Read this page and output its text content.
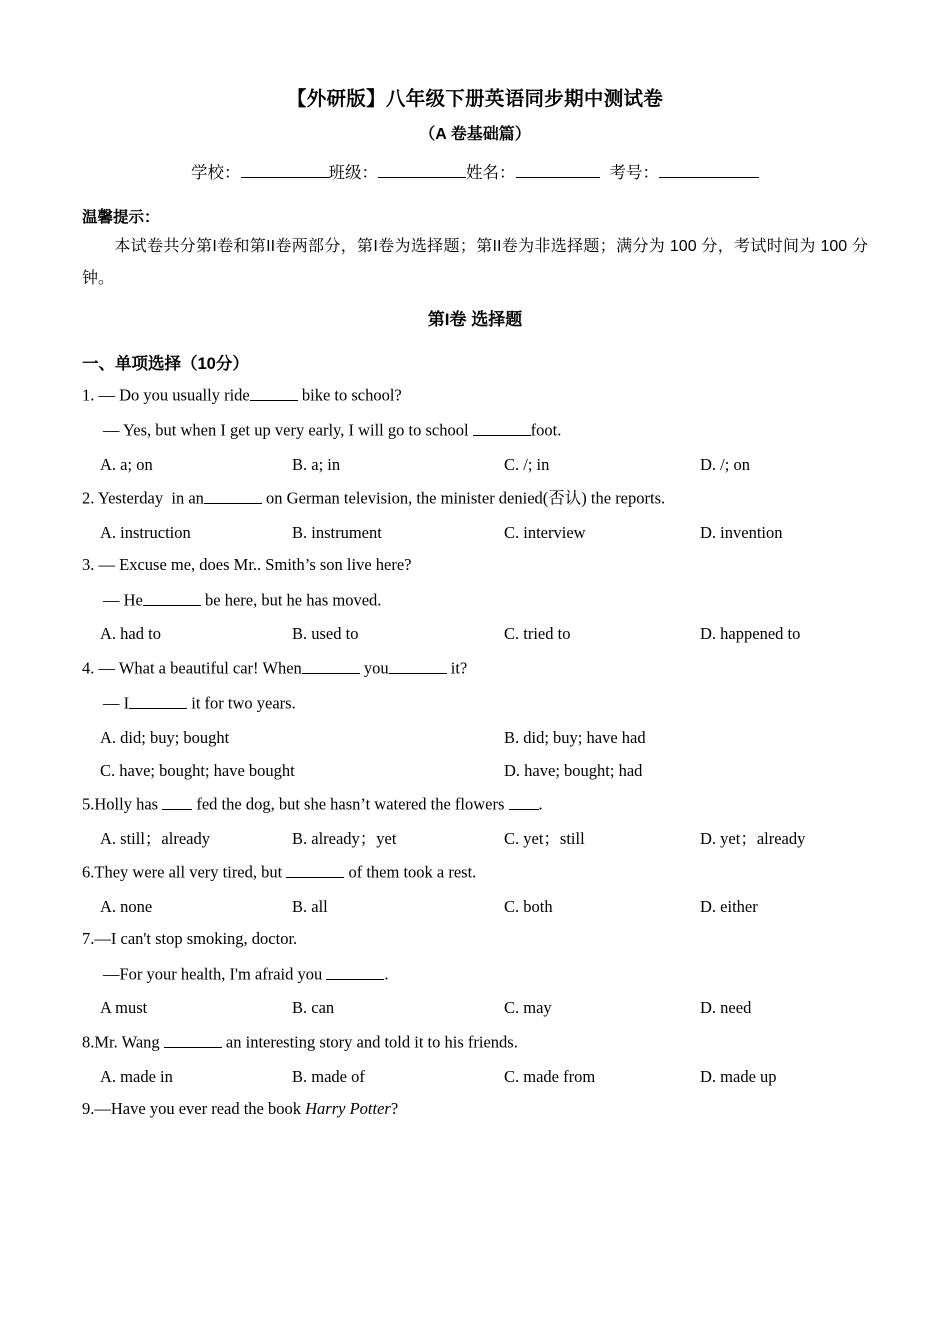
【外研版】八年级下册英语同步期中测试卷
（A 卷基础篇）
学校：	班级：	姓名：	考号：
温馨提示：
本试卷共分第I卷和第II卷两部分，第I卷为选择题；第II卷为非选择题；满分为 100 分，考试时间为 100 分钟。
第I卷 选择题
一、单项选择（10分）
1. — Do you usually ride	bike to school?
— Yes, but when I get up very early, I will go to school	foot.
A. a; on	B. a; in	C. /; in	D. /; on
2. Yesterday  in an	on German television, the minister denied(否认) the reports.
A. instruction	B. instrument	C. interview	D. invention
3. — Excuse me, does Mr.. Smith’s son live here?
— He	be here, but he has moved.
A. had to	B. used to	C. tried to	D. happened to
4. — What a beautiful car! When	you	it?
— I	it for two years.
A. did; buy; bought	B. did; buy; have had
C. have; bought; have bought	D. have; bought; had
5.Holly has  fed the dog, but she hasn’t watered the flowers .
A. still；already	B. already；yet	C. yet；still	D. yet；already
6.They were all very tired, but	of them took a rest.
A. none	B. all	C. both	D. either
7.—I can't stop smoking, doctor.
—For your health, I'm afraid you	.
A must	B. can	C. may	D. need
8.Mr. Wang	an interesting story and told it to his friends.
A. made in	B. made of	C. made from	D. made up
9.—Have you ever read the book Harry Potter?
